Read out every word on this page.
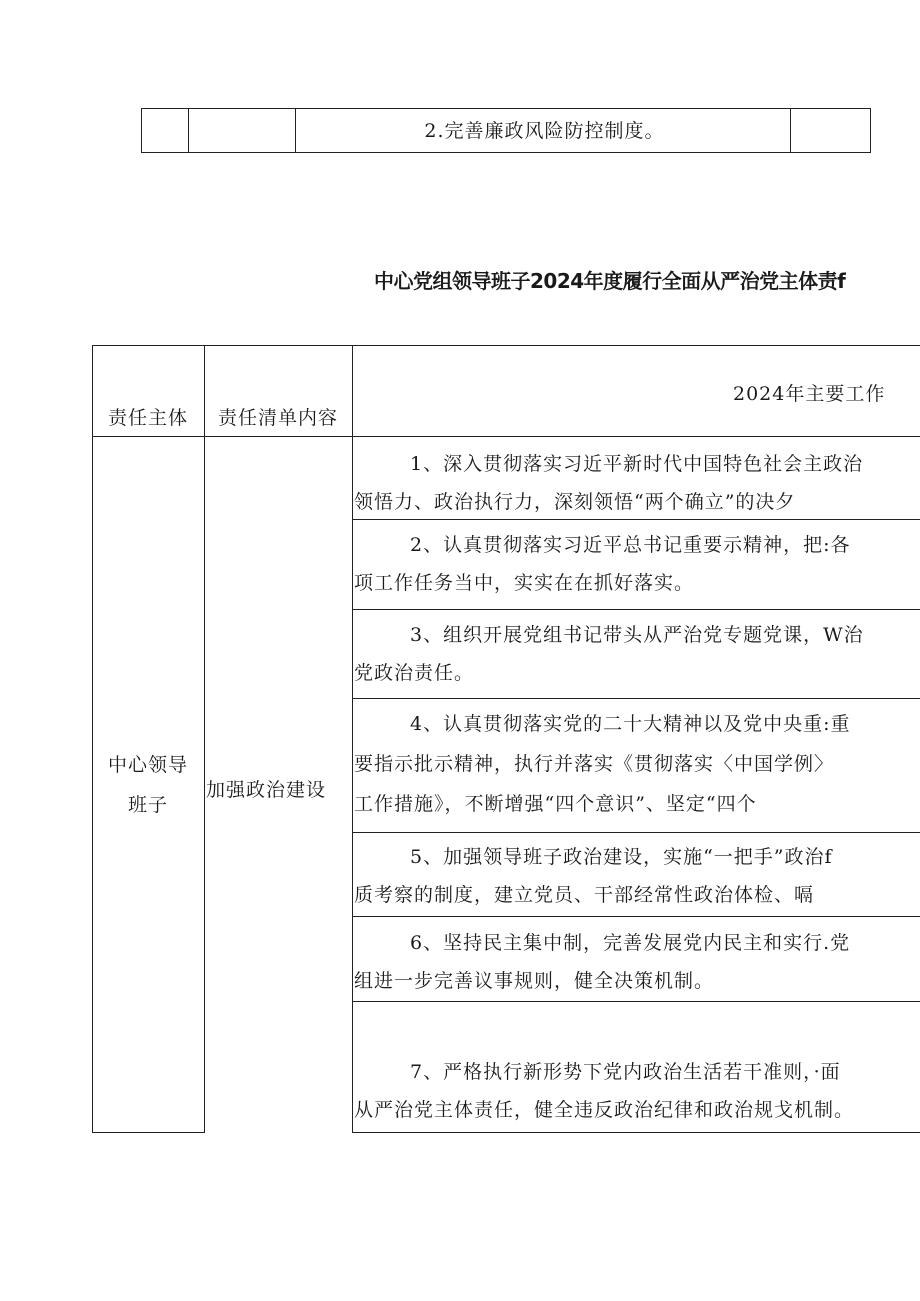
2.完善廉政风险防控制度。
中心党组领导班子2024年度履行全面从严治党主体责f
责任主体	责任清单内容
2024年主要工作
中心领导
班子
加强政治建设
1、深入贯彻落实习近平新时代中国特色社会主政治
领悟力、政治执行力，深刻领悟“两个确立”的决夕
2、认真贯彻落实习近平总书记重要示精神，把:各
项工作任务当中，实实在在抓好落实。
3、组织开展党组书记带头从严治党专题党课，W治
党政治责任。
4、认真贯彻落实党的二十大精神以及党中央重:重
要指示批示精神，执行并落实《贯彻落实〈中国学例〉
工作措施》，不断增强“四个意识”、坚定“四个
5、加强领导班子政治建设，实施“一把手”政治f
质考察的制度，建立党员、干部经常性政治体检、嗝
6、坚持民主集中制，完善发展党内民主和实行.党
组进一步完善议事规则，健全决策机制。
7、严格执行新形势下党内政治生活若干准则，·面
从严治党主体责任，健全违反政治纪律和政治规戈机制。
